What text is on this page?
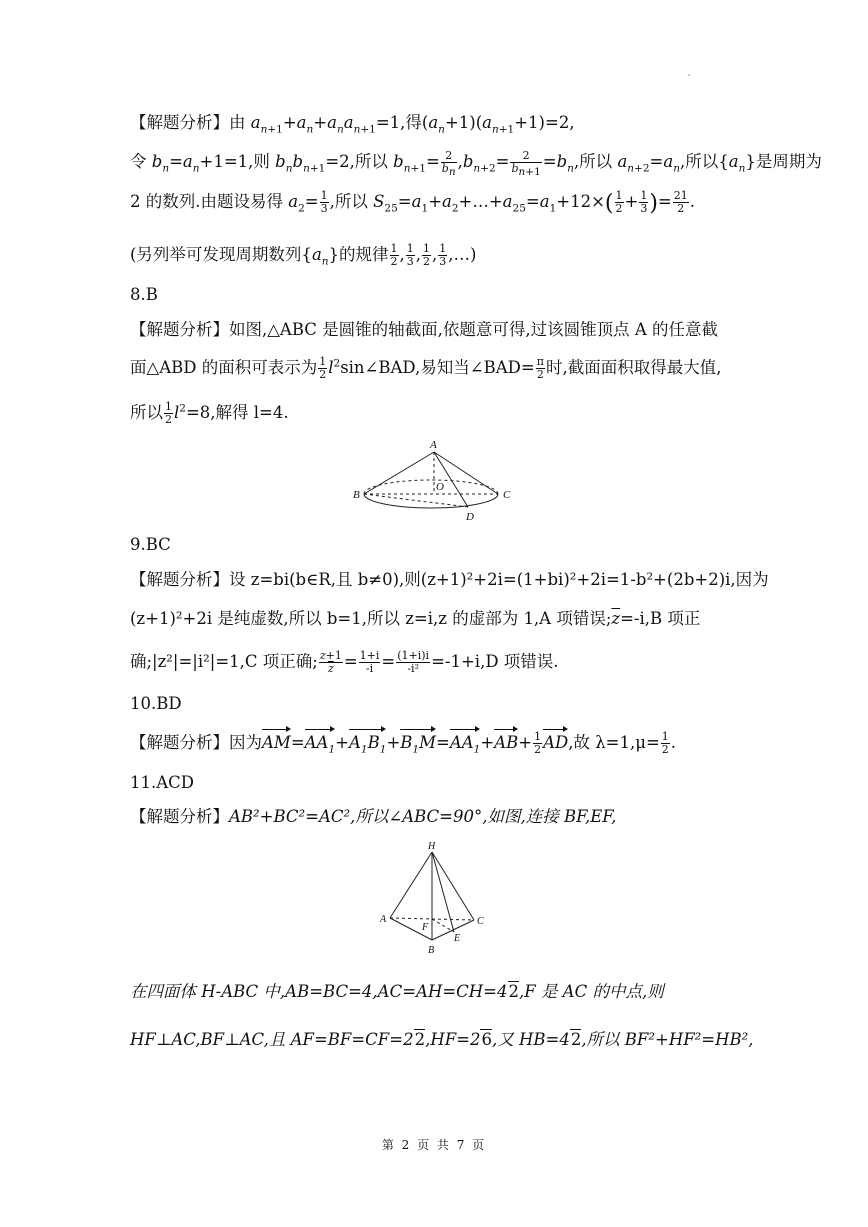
【解题分析】由 $a_{n+1}+a_n+a_na_{n+1}=1$,得$(a_n+1)(a_{n+1}+1)=2$,
令 $b_n=a_n+1=1$,则 $b_nb_{n+1}=2$,所以 $b_{n+1}= \frac{2}{b_n} ,b_{n+2}= \frac{2}{b_{n+1}} =b_n$,所以 $a_{n+2}=a_n$,所以$\{a_n\}$是周期为
2 的数列.由题设易得 $a_2= \frac{1}{3}$ ,所以 $S_{25}=a_1+a_2+\dots+a_{25}=a_1+12\times( \frac{1}{2} + \frac{1}{3}$ )= $\frac{21}{2}$ .
(另列举可发现周期数列$\{a_n\}$的规律 $\frac{1}{2}$ , $\frac{1}{3}$ , $\frac{1}{2}$ , $\frac{1}{3}$ ,…)
8.B
【解题分析】如图,△ABC 是圆锥的轴截面,依题意可得,过该圆锥顶点 A 的任意截
面△ABD 的面积可表示为 $\frac{1}{2}$ $l^2\sin\angle BAD$,易知当∠BAD= $\frac{\pi}{2}$ 时,截面面积取得最大值,
所以 $\frac{1}{2} l^2=8$,解得 l=4.
A
B	C
D
O
9.BC
【解题分析】设 z=bi(b∈R,且 b≠0),则(z+1)²+2i=(1+bi)²+2i=1-b²+(2b+2)i,因为
(z+1)²+2i 是纯虚数,所以 b=1,所以 z=i,z 的虚部为 1,A 项错误$;\overline{z}=-i,B$ 项正
确;|z²|=|i²|=1,C 项正确; $\frac{z+1}{z} = \frac{1+i}{-i} = \frac{(1+i)i}{\text{-i²}} =-1+i,D$ 项错误.
10.BD
【解题分析】因为$AM=AA_1+A_1B_1+B_1M=AA_1+AB+ \frac{1}{2}$ AD,故 $\lambda=1,\mu= \frac{1}{2}$ .
11.ACD
【解题分析】AB²+BC²=AC²,所以∠ABC=90°,如图,连接 BF,EF,
H
A
B
C
E
F
在四面体 H-ABC 中,AB=BC=4,AC=AH=CH=42,F 是 AC 的中点,则
HF⊥AC,BF⊥AC,且 AF=BF=CF=22,HF=26,又 HB=42,所以 BF²+HF²=HB²,
第 2 页 共 7 页
